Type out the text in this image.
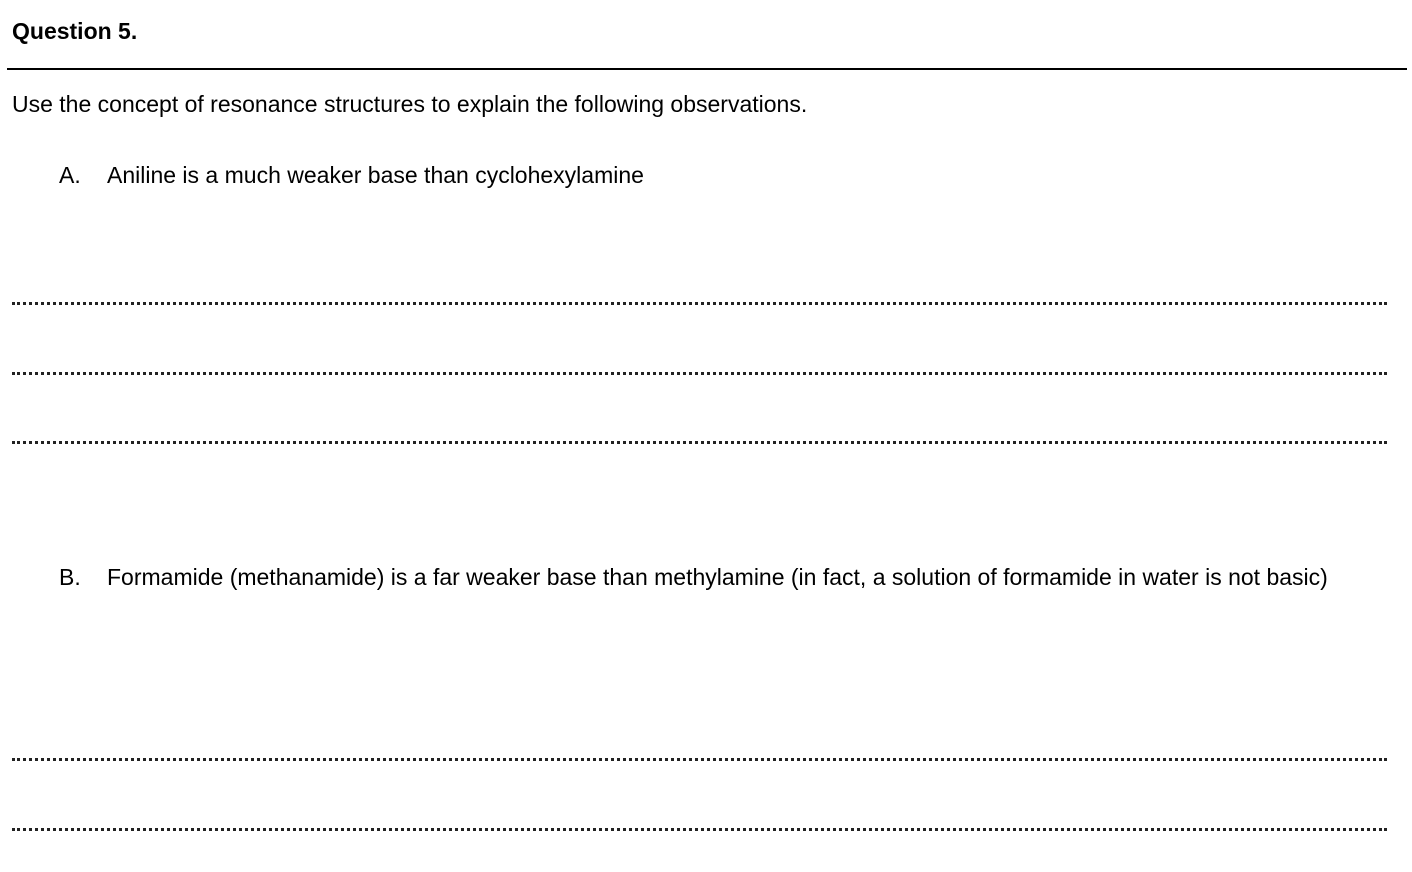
Question 5.
Use the concept of resonance structures to explain the following observations.
A. Aniline is a much weaker base than cyclohexylamine
B. Formamide (methanamide) is a far weaker base than methylamine (in fact, a solution of formamide in water is not basic)
